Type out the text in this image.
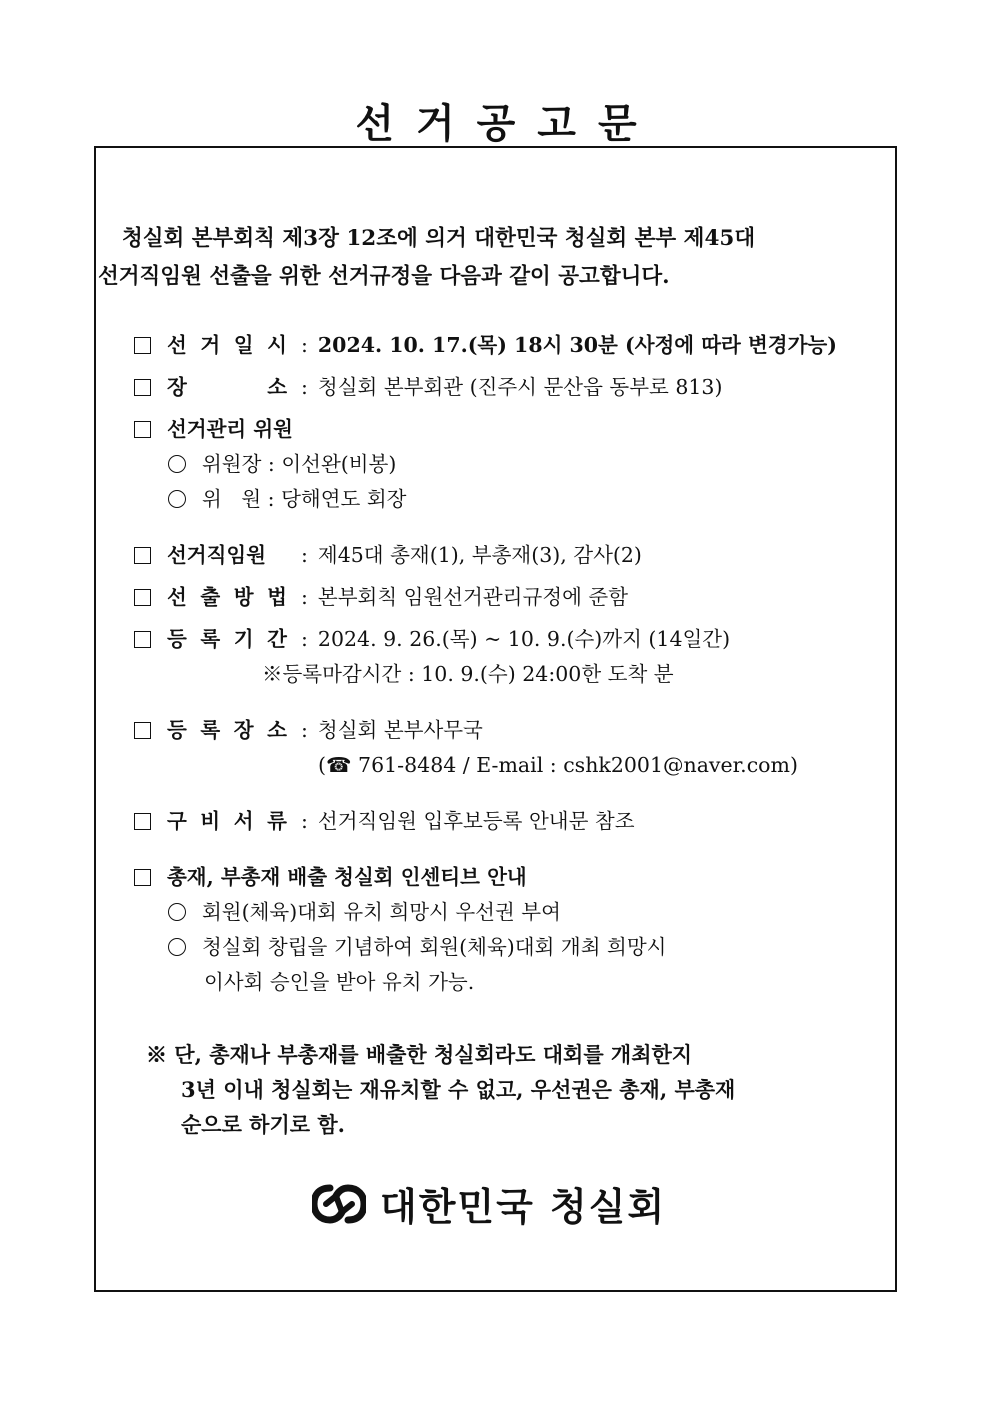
선거공고문
청실회 본부회칙 제3장 12조에 의거 대한민국 청실회 본부 제45대
선거직임원 선출을 위한 선거규정을 다음과 같이 공고합니다.
선 거 일 시 : 2024. 10. 17.(목) 18시 30분 (사정에 따라 변경가능)
장	소 : 청실회 본부회관 (진주시 문산읍 동부로 813)
선거관리 위원
위원장 : 이선완(비봉)
위   원 : 당해연도 회장
선거직임원	: 제45대 총재(1), 부총재(3), 감사(2)
선 출 방 법 : 본부회칙 임원선거관리규정에 준함
등 록 기 간 : 2024. 9. 26.(목) ~ 10. 9.(수)까지 (14일간)
※등록마감시간 : 10. 9.(수) 24:00한 도착 분
등 록 장 소 : 청실회 본부사무국
(☎ 761-8484 / E-mail : cshk2001@naver.com)
구 비 서 류 : 선거직임원 입후보등록 안내문 참조
총재, 부총재 배출 청실회 인센티브 안내
회원(체육)대회 유치 희망시 우선권 부여
청실회 창립을 기념하여 회원(체육)대회 개최 희망시
이사회 승인을 받아 유치 가능.
※ 단, 총재나 부총재를 배출한 청실회라도 대회를 개최한지
3년 이내 청실회는 재유치할 수 없고, 우선권은 총재, 부총재
순으로 하기로 함.
대한민국 청실회
